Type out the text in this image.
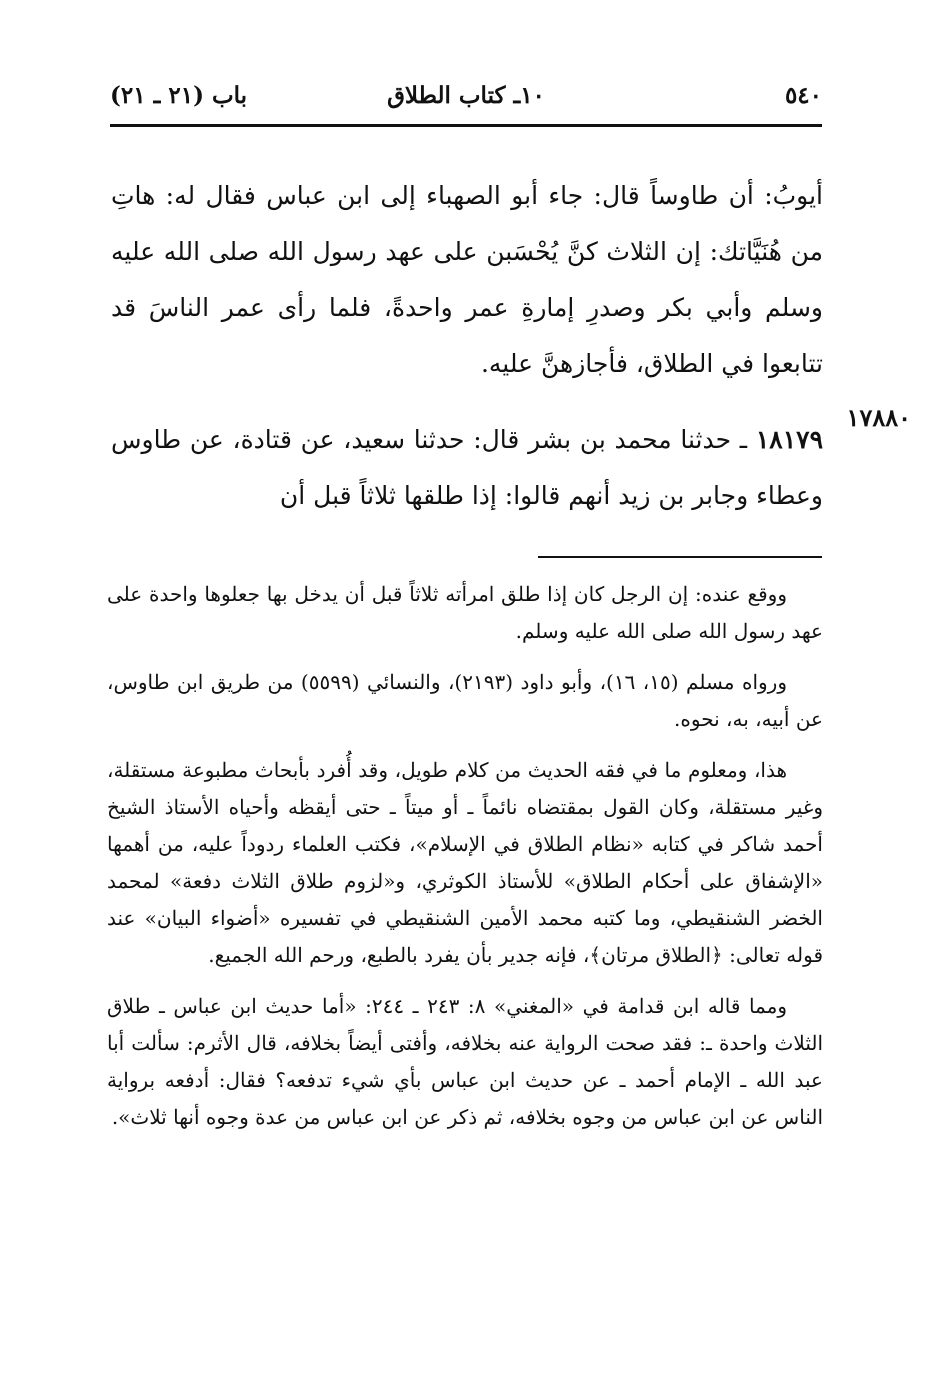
٥٤٠
١٠ـ كتاب الطلاق
باب (٢١ ـ ٢١)

أيوبُ: أن طاوساً قال: جاء أبو الصهباء إلى ابن عباس فقال له: هاتِ من هُنَيَّاتك: إن الثلاث كنَّ يُحْسَبن على عهد رسول الله صلى الله عليه وسلم وأبي بكر وصدرِ إمارةِ عمر واحدةً، فلما رأى عمر الناسَ قد تتابعوا في الطلاق، فأجازهنَّ عليه.

١٨١٧٩ ـ حدثنا محمد بن بشر قال: حدثنا سعيد، عن قتادة، عن طاوس وعطاء وجابر بن زيد أنهم قالوا: إذا طلقها ثلاثاً قبل أن

١٧٨٨٠

ووقع عنده: إن الرجل كان إذا طلق امرأته ثلاثاً قبل أن يدخل بها جعلوها واحدة على عهد رسول الله صلى الله عليه وسلم.

ورواه مسلم (١٥، ١٦)، وأبو داود (٢١٩٣)، والنسائي (٥٥٩٩) من طريق ابن طاوس، عن أبيه، به، نحوه.

هذا، ومعلوم ما في فقه الحديث من كلام طويل، وقد أُفرد بأبحاث مطبوعة مستقلة، وغير مستقلة، وكان القول بمقتضاه نائماً ـ أو ميتاً ـ حتى أيقظه وأحياه الأستاذ الشيخ أحمد شاكر في كتابه «نظام الطلاق في الإسلام»، فكتب العلماء ردوداً عليه، من أهمها «الإشفاق على أحكام الطلاق» للأستاذ الكوثري، و«لزوم طلاق الثلاث دفعة» لمحمد الخضر الشنقيطي، وما كتبه محمد الأمين الشنقيطي في تفسيره «أضواء البيان» عند قوله تعالى: ﴿الطلاق مرتان﴾، فإنه جدير بأن يفرد بالطبع، ورحم الله الجميع.

ومما قاله ابن قدامة في «المغني» ٨: ٢٤٣ ـ ٢٤٤: «أما حديث ابن عباس ـ طلاق الثلاث واحدة ـ: فقد صحت الرواية عنه بخلافه، وأفتى أيضاً بخلافه، قال الأثرم: سألت أبا عبد الله ـ الإمام أحمد ـ عن حديث ابن عباس بأي شيء تدفعه؟ فقال: أدفعه برواية الناس عن ابن عباس من وجوه بخلافه، ثم ذكر عن ابن عباس من عدة وجوه أنها ثلاث».
